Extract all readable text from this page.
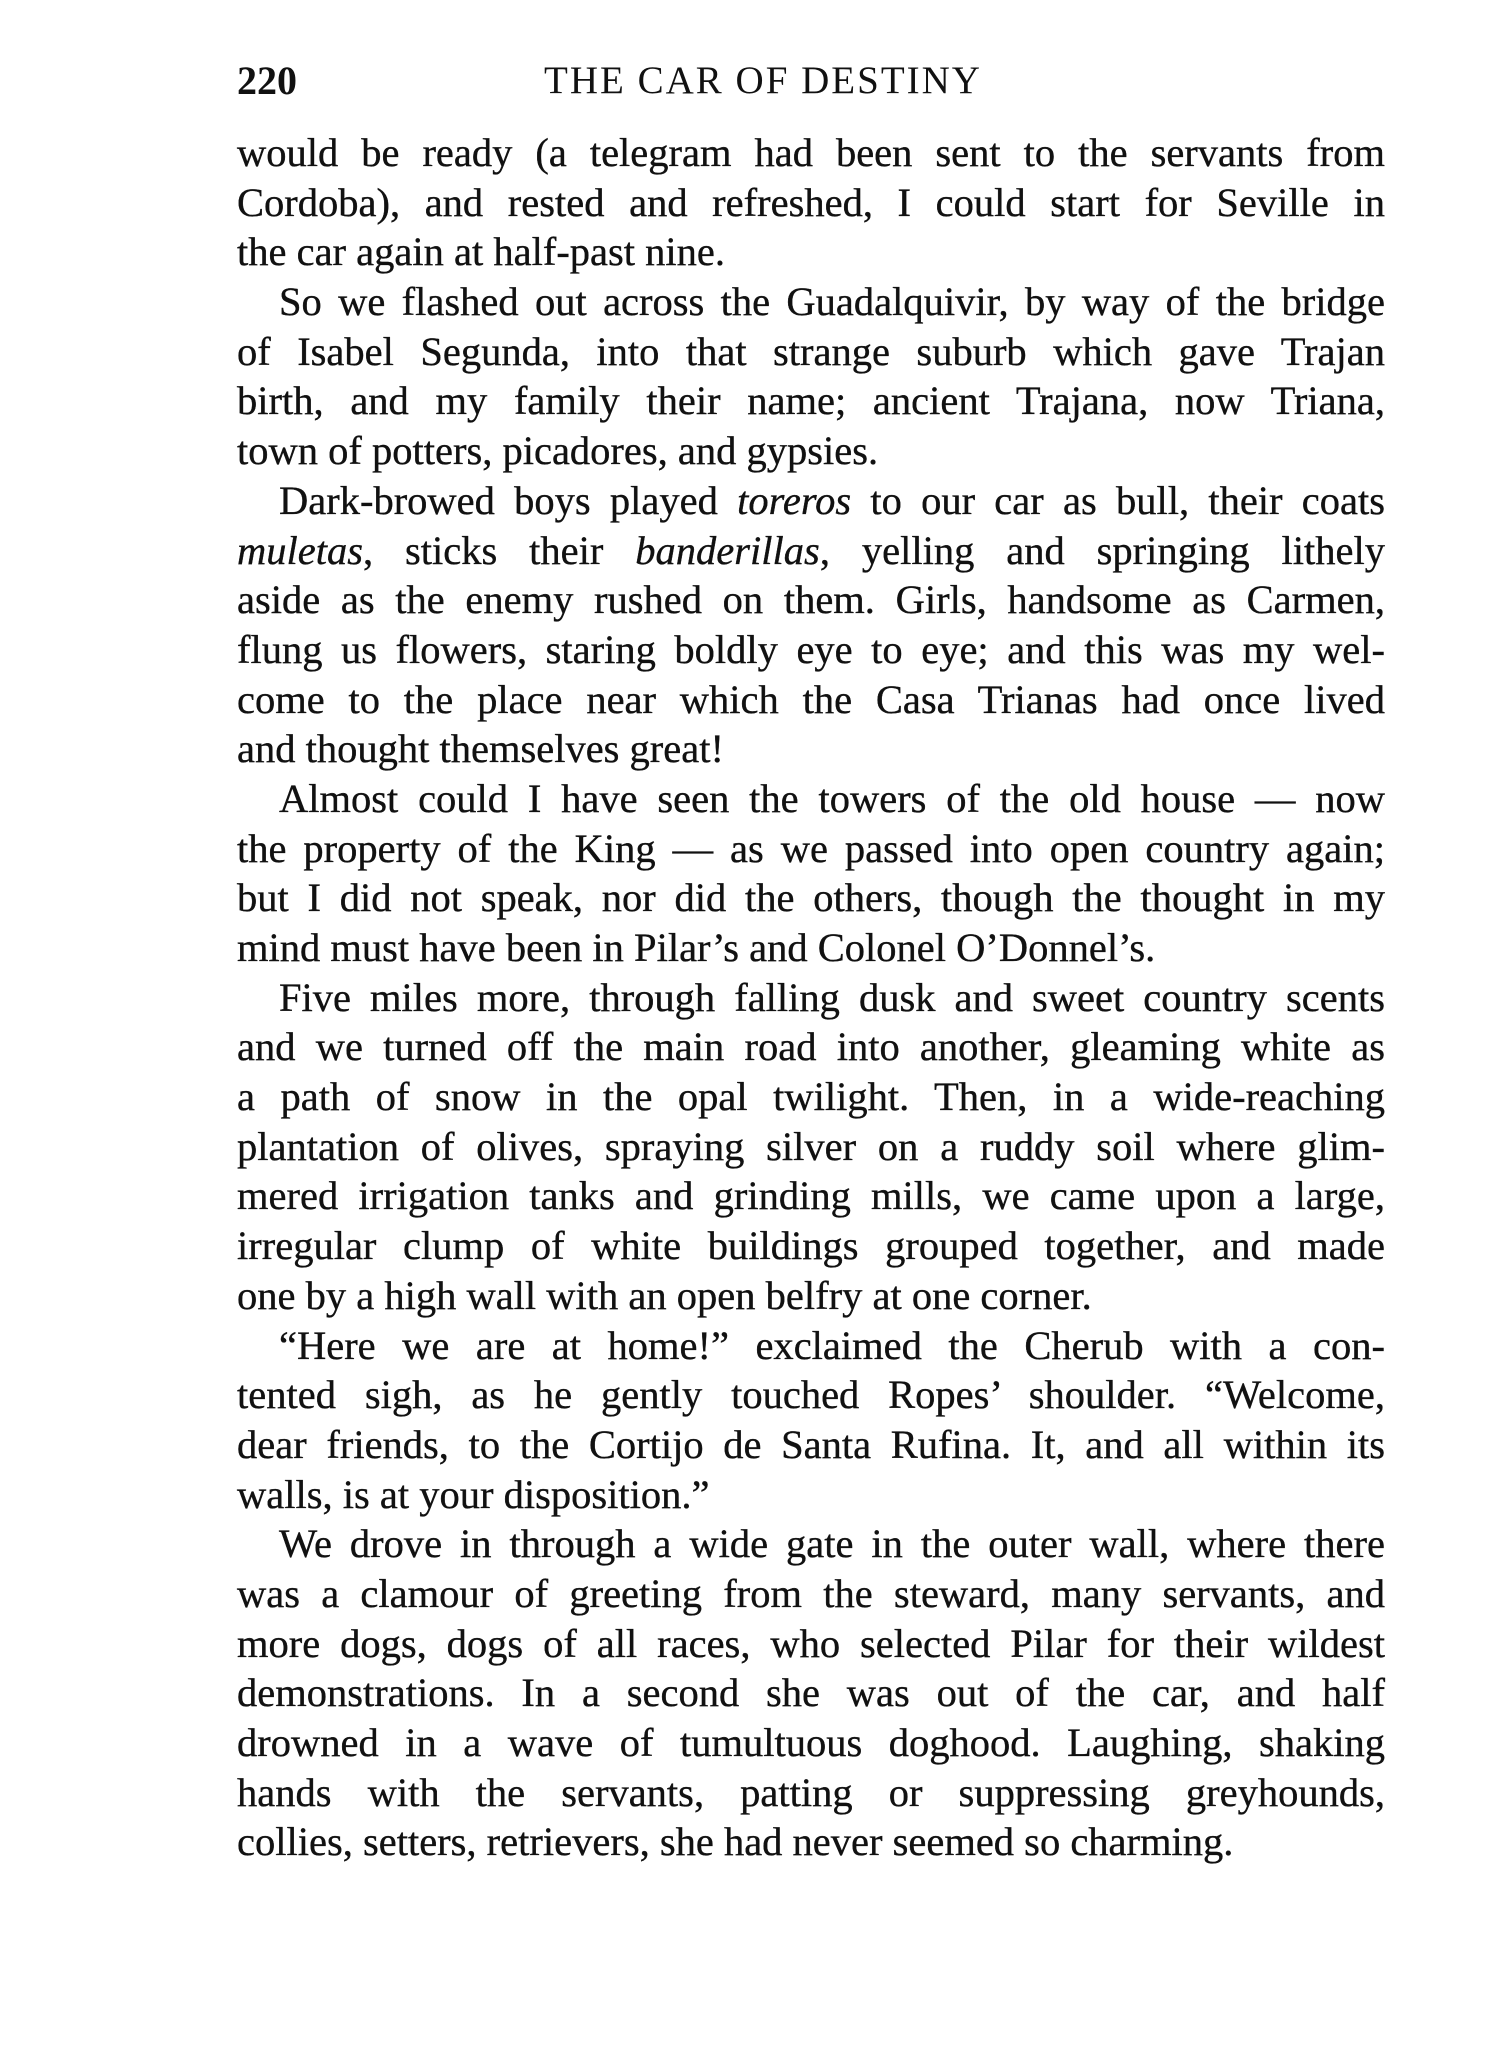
220	THE CAR OF DESTINY
would be ready (a telegram had been sent to the servants from
Cordoba), and rested and refreshed, I could start for Seville in
the car again at half-past nine.
So we flashed out across the Guadalquivir, by way of the bridge
of Isabel Segunda, into that strange suburb which gave Trajan
birth, and my family their name; ancient Trajana, now Triana,
town of potters, picadores, and gypsies.
Dark-browed boys played toreros to our car as bull, their coats
muletas, sticks their banderillas, yelling and springing lithely
aside as the enemy rushed on them. Girls, handsome as Carmen,
flung us flowers, staring boldly eye to eye; and this was my wel-
come to the place near which the Casa Trianas had once lived
and thought themselves great!
Almost could I have seen the towers of the old house — now
the property of the King — as we passed into open country again;
but I did not speak, nor did the others, though the thought in my
mind must have been in Pilar’s and Colonel O’Donnel’s.
Five miles more, through falling dusk and sweet country scents
and we turned off the main road into another, gleaming white as
a path of snow in the opal twilight. Then, in a wide-reaching
plantation of olives, spraying silver on a ruddy soil where glim-
mered irrigation tanks and grinding mills, we came upon a large,
irregular clump of white buildings grouped together, and made
one by a high wall with an open belfry at one corner.
“Here we are at home!” exclaimed the Cherub with a con-
tented sigh, as he gently touched Ropes’ shoulder. “Welcome,
dear friends, to the Cortijo de Santa Rufina. It, and all within its
walls, is at your disposition.”
We drove in through a wide gate in the outer wall, where there
was a clamour of greeting from the steward, many servants, and
more dogs, dogs of all races, who selected Pilar for their wildest
demonstrations. In a second she was out of the car, and half
drowned in a wave of tumultuous doghood. Laughing, shaking
hands with the servants, patting or suppressing greyhounds,
collies, setters, retrievers, she had never seemed so charming.
